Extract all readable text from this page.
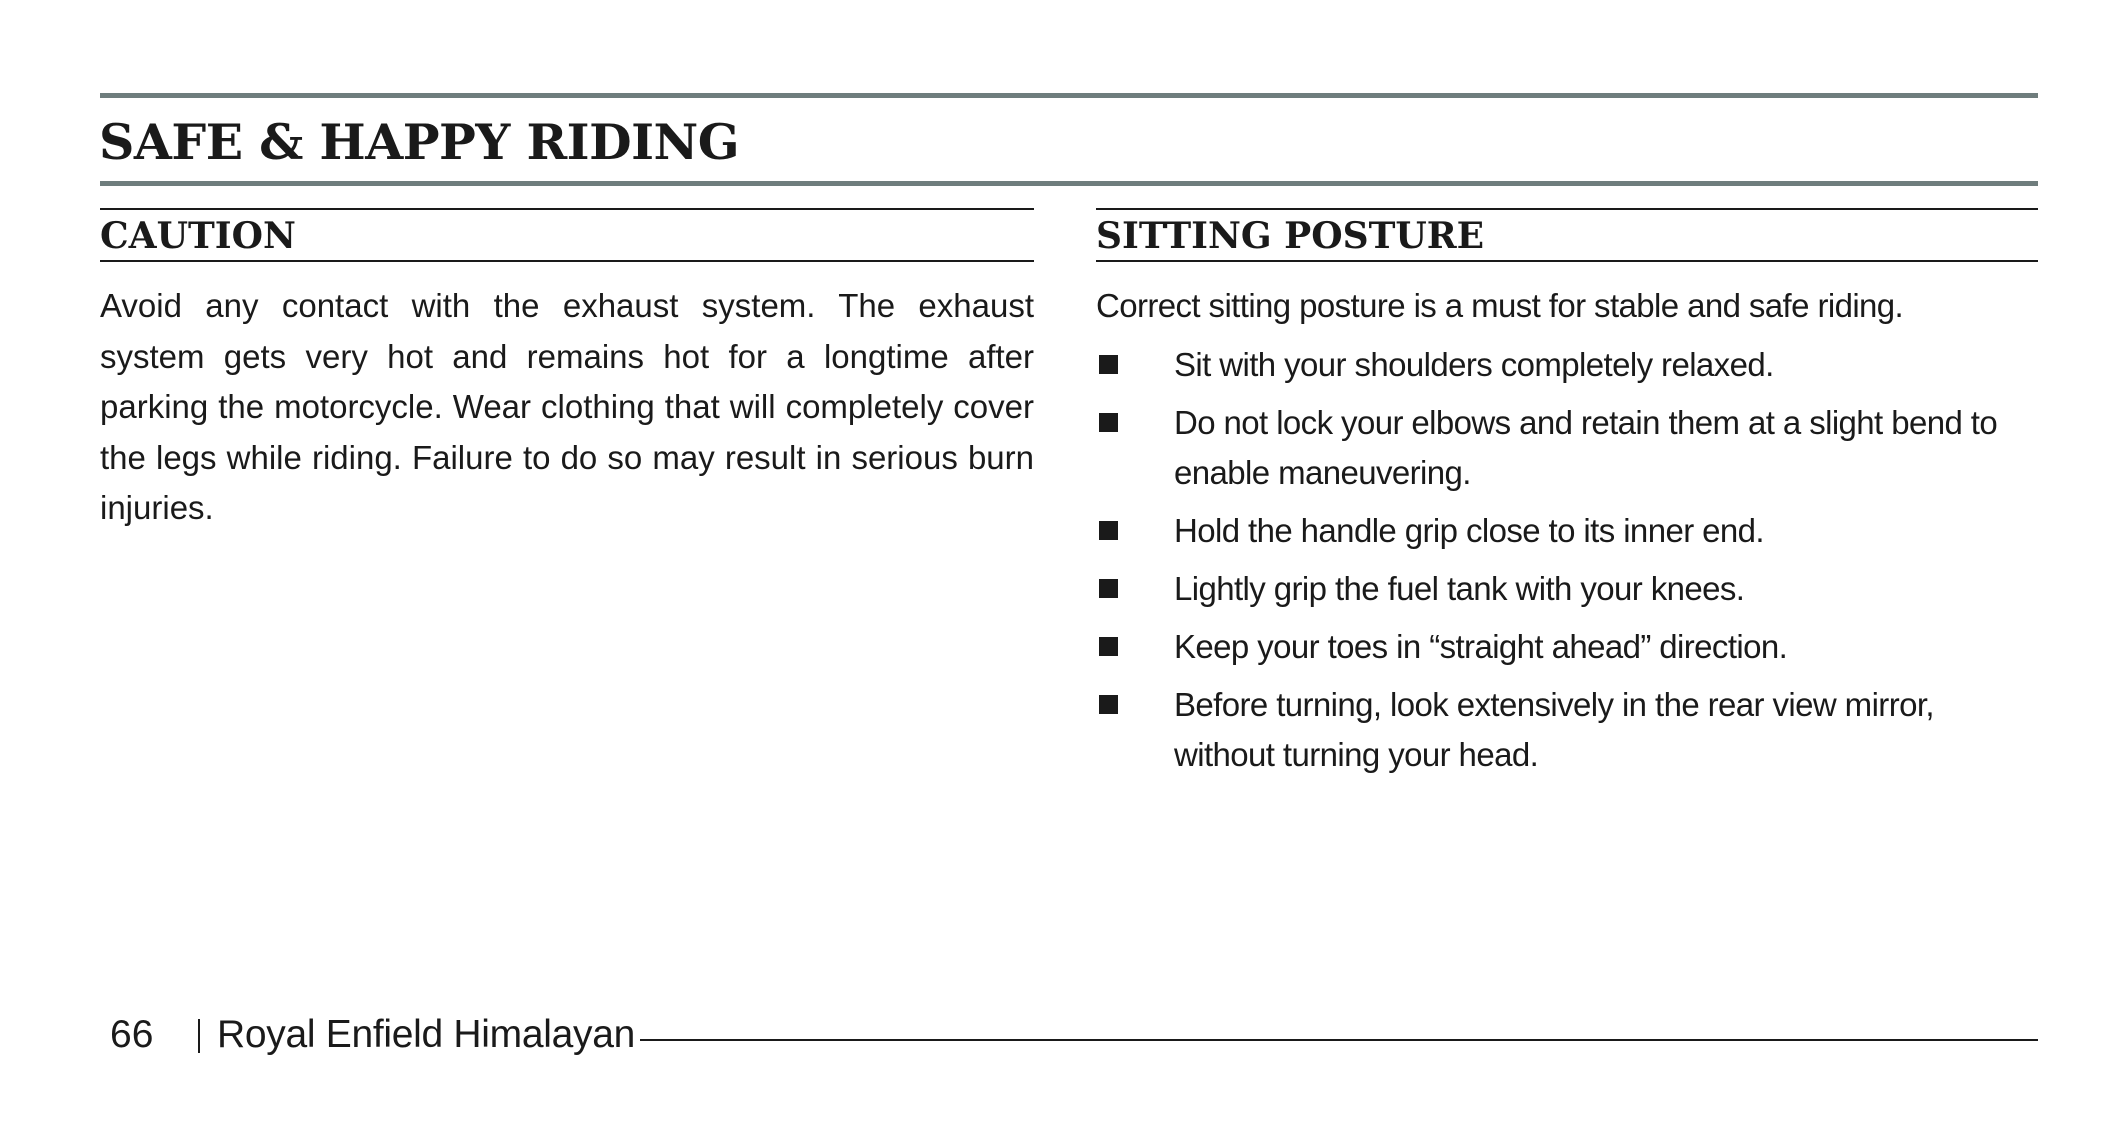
SAFE & HAPPY RIDING
CAUTION

Avoid any contact with the exhaust system. The exhaust system gets very hot and remains hot for a longtime after parking the motorcycle. Wear clothing that will completely cover the legs while riding. Failure to do so may result in serious burn injuries.

SITTING POSTURE

Correct sitting posture is a must for stable and safe riding.

Sit with your shoulders completely relaxed.
Do not lock your elbows and retain them at a slight bend to enable maneuvering.
Hold the handle grip close to its inner end.
Lightly grip the fuel tank with your knees.
Keep your toes in “straight ahead” direction.
Before turning, look extensively in the rear view mirror, without turning your head.
66 Royal Enfield Himalayan
